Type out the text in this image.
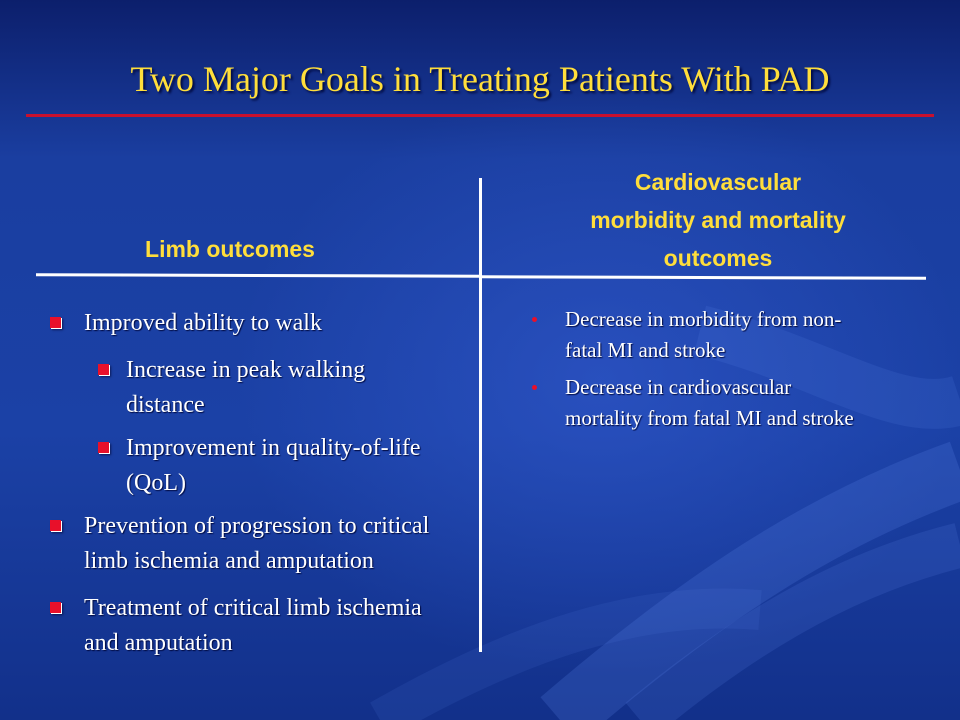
Two Major Goals in Treating Patients With PAD
Limb outcomes
Cardiovascular
morbidity and mortality
outcomes
Improved ability to walk
Increase in peak walking distance
Improvement in quality-of-life (QoL)
Prevention of progression to critical limb ischemia and amputation
Treatment of critical limb ischemia and amputation
Decrease in morbidity from non-fatal MI and stroke
Decrease in cardiovascular mortality from fatal MI and stroke
